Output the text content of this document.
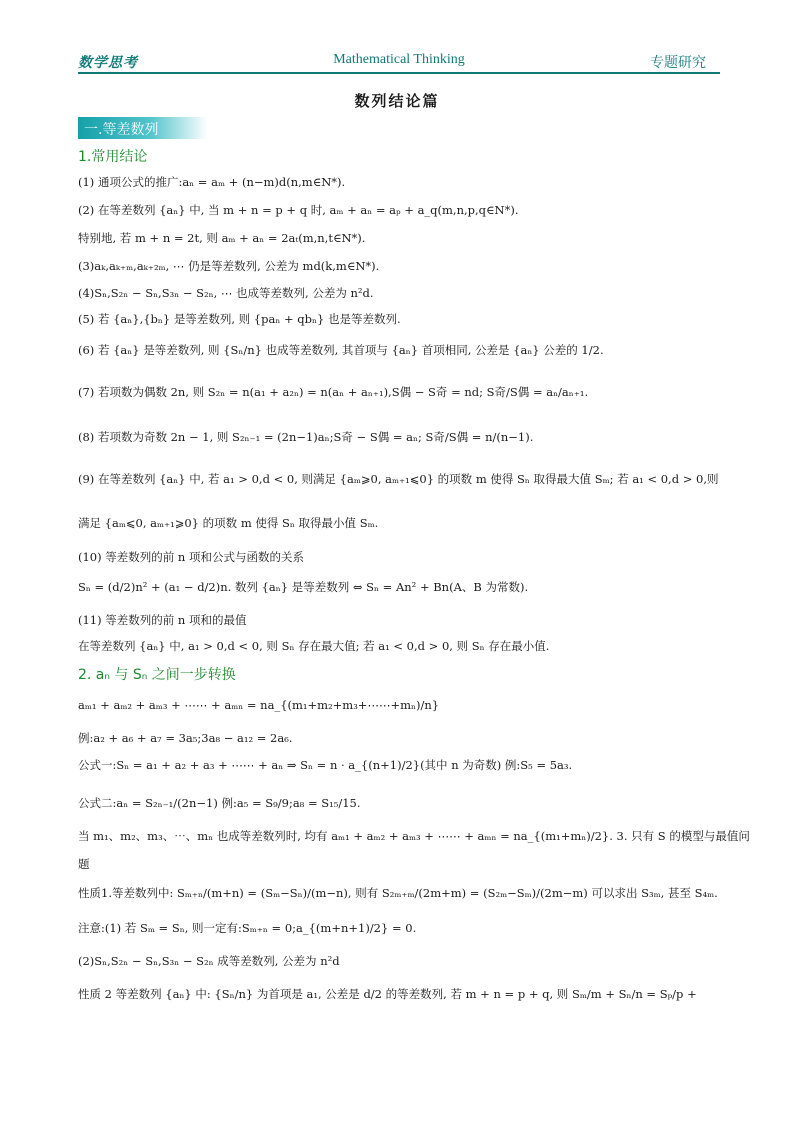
数学思考	Mathematical Thinking	专题研究
数列结论篇
一.等差数列
1.常用结论
(1) 通项公式的推广:aₙ = aₘ + (n−m)d(n,m∈N*).
(2) 在等差数列 {aₙ} 中, 当 m + n = p + q 时, aₘ + aₙ = aₚ + a_q(m,n,p,q∈N*).
特别地, 若 m + n = 2t, 则 aₘ + aₙ = 2aₜ(m,n,t∈N*).
(3)aₖ,aₖ₊ₘ,aₖ₊₂ₘ, ⋯ 仍是等差数列, 公差为 md(k,m∈N*).
(4)Sₙ,S₂ₙ − Sₙ,S₃ₙ − S₂ₙ, ⋯ 也成等差数列, 公差为 n²d.
(5) 若 {aₙ},{bₙ} 是等差数列, 则 {paₙ + qbₙ} 也是等差数列.
(6) 若 {aₙ} 是等差数列, 则 {Sₙ/n} 也成等差数列, 其首项与 {aₙ} 首项相同, 公差是 {aₙ} 公差的 1/2.
(7) 若项数为偶数 2n, 则 S₂ₙ = n(a₁ + a₂ₙ) = n(aₙ + aₙ₊₁),S偶 − S奇 = nd; S奇/S偶 = aₙ/aₙ₊₁.
(8) 若项数为奇数 2n − 1, 则 S₂ₙ₋₁ = (2n−1)aₙ;S奇 − S偶 = aₙ; S奇/S偶 = n/(n−1).
(9) 在等差数列 {aₙ} 中, 若 a₁ > 0,d < 0, 则满足 {aₘ⩾0, aₘ₊₁⩽0} 的项数 m 使得 Sₙ 取得最大值 Sₘ; 若 a₁ < 0,d > 0,则
满足 {aₘ⩽0, aₘ₊₁⩾0} 的项数 m 使得 Sₙ 取得最小值 Sₘ.
(10) 等差数列的前 n 项和公式与函数的关系
Sₙ = (d/2)n² + (a₁ − d/2)n. 数列 {aₙ} 是等差数列 ⇔ Sₙ = An² + Bn(A、B 为常数).
(11) 等差数列的前 n 项和的最值
在等差数列 {aₙ} 中, a₁ > 0,d < 0, 则 Sₙ 存在最大值; 若 a₁ < 0,d > 0, 则 Sₙ 存在最小值.
2. aₙ 与 Sₙ 之间一步转换
aₘ₁ + aₘ₂ + aₘ₃ + ⋯⋯ + aₘₙ = na_{(m₁+m₂+m₃+⋯⋯+mₙ)/n}
例:a₂ + a₆ + a₇ = 3a₅;3a₈ − a₁₂ = 2a₆.
公式一:Sₙ = a₁ + a₂ + a₃ + ⋯⋯ + aₙ ⇒ Sₙ = n · a_{(n+1)/2}(其中 n 为奇数) 例:S₅ = 5a₃.
公式二:aₙ = S₂ₙ₋₁/(2n−1) 例:a₅ = S₉/9;a₈ = S₁₅/15.
当 m₁、m₂、m₃、⋯、mₙ 也成等差数列时, 均有 aₘ₁ + aₘ₂ + aₘ₃ + ⋯⋯ + aₘₙ = na_{(m₁+mₙ)/2}. 3. 只有 S 的模型与最值问
题
性质1.等差数列中: Sₘ₊ₙ/(m+n) = (Sₘ−Sₙ)/(m−n), 则有 S₂ₘ₊ₘ/(2m+m) = (S₂ₘ−Sₘ)/(2m−m) 可以求出 S₃ₘ, 甚至 S₄ₘ.
注意:(1) 若 Sₘ = Sₙ, 则一定有:Sₘ₊ₙ = 0;a_{(m+n+1)/2} = 0.
(2)Sₙ,S₂ₙ − Sₙ,S₃ₙ − S₂ₙ 成等差数列, 公差为 n²d
性质 2 等差数列 {aₙ} 中: {Sₙ/n} 为首项是 a₁, 公差是 d/2 的等差数列, 若 m + n = p + q, 则 Sₘ/m + Sₙ/n = Sₚ/p +
